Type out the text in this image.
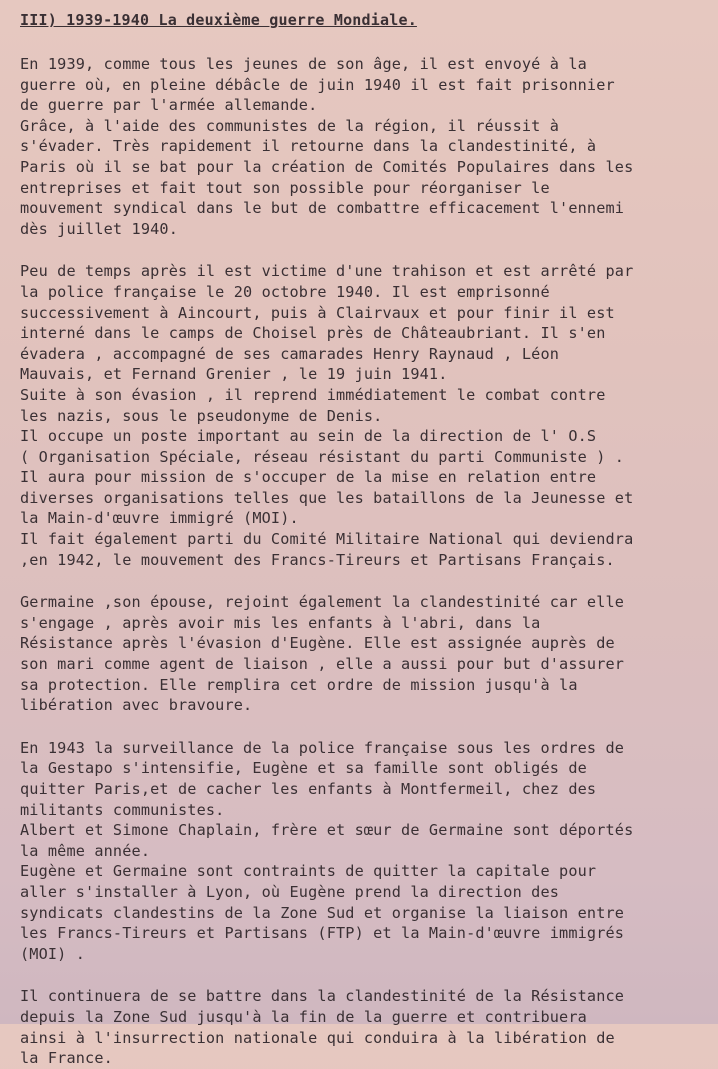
III) 1939-1940 La deuxième guerre Mondiale.
En 1939, comme tous les jeunes de son âge, il est envoyé à la
guerre où, en pleine débâcle de juin 1940 il est fait prisonnier
de guerre par l'armée allemande.
Grâce, à l'aide des communistes de la région, il réussit à
s'évader. Très rapidement il retourne dans la clandestinité, à
Paris où il se bat pour la création de Comités Populaires dans les
entreprises et fait tout son possible pour réorganiser le
mouvement syndical dans le but de combattre efficacement l'ennemi
dès juillet 1940.
Peu de temps après il est victime d'une trahison et est arrêté par
la police française le 20 octobre 1940. Il est emprisonné
successivement à Aincourt, puis à Clairvaux et pour finir il est
interné dans le camps de Choisel près de Châteaubriant. Il s'en
évadera , accompagné de ses camarades Henry Raynaud , Léon
Mauvais, et Fernand Grenier , le 19 juin 1941.
Suite à son évasion , il reprend immédiatement le combat contre
les nazis, sous le pseudonyme de Denis.
Il occupe un poste important au sein de la direction de l' O.S
( Organisation Spéciale, réseau résistant du parti Communiste ) .
Il aura pour mission de s'occuper de la mise en relation entre
diverses organisations telles que les bataillons de la Jeunesse et
la Main-d'œuvre immigré (MOI).
Il fait également parti du Comité Militaire National qui deviendra
,en 1942, le mouvement des Francs-Tireurs et Partisans Français.
Germaine ,son épouse, rejoint également la clandestinité car elle
s'engage , après avoir mis les enfants à l'abri, dans la
Résistance après l'évasion d'Eugène. Elle est assignée auprès de
son mari comme agent de liaison , elle a aussi pour but d'assurer
sa protection. Elle remplira cet ordre de mission jusqu'à la
libération avec bravoure.
En 1943 la surveillance de la police française sous les ordres de
la Gestapo s'intensifie, Eugène et sa famille sont obligés de
quitter Paris,et de cacher les enfants à Montfermeil, chez des
militants communistes.
Albert et Simone Chaplain, frère et sœur de Germaine sont déportés
la même année.
Eugène et Germaine sont contraints de quitter la capitale pour
aller s'installer à Lyon, où Eugène prend la direction des
syndicats clandestins de la Zone Sud et organise la liaison entre
les Francs-Tireurs et Partisans (FTP) et la Main-d'œuvre immigrés
(MOI) .
Il continuera de se battre dans la clandestinité de la Résistance
depuis la Zone Sud jusqu'à la fin de la guerre et contribuera
ainsi à l'insurrection nationale qui conduira à la libération de
la France.
